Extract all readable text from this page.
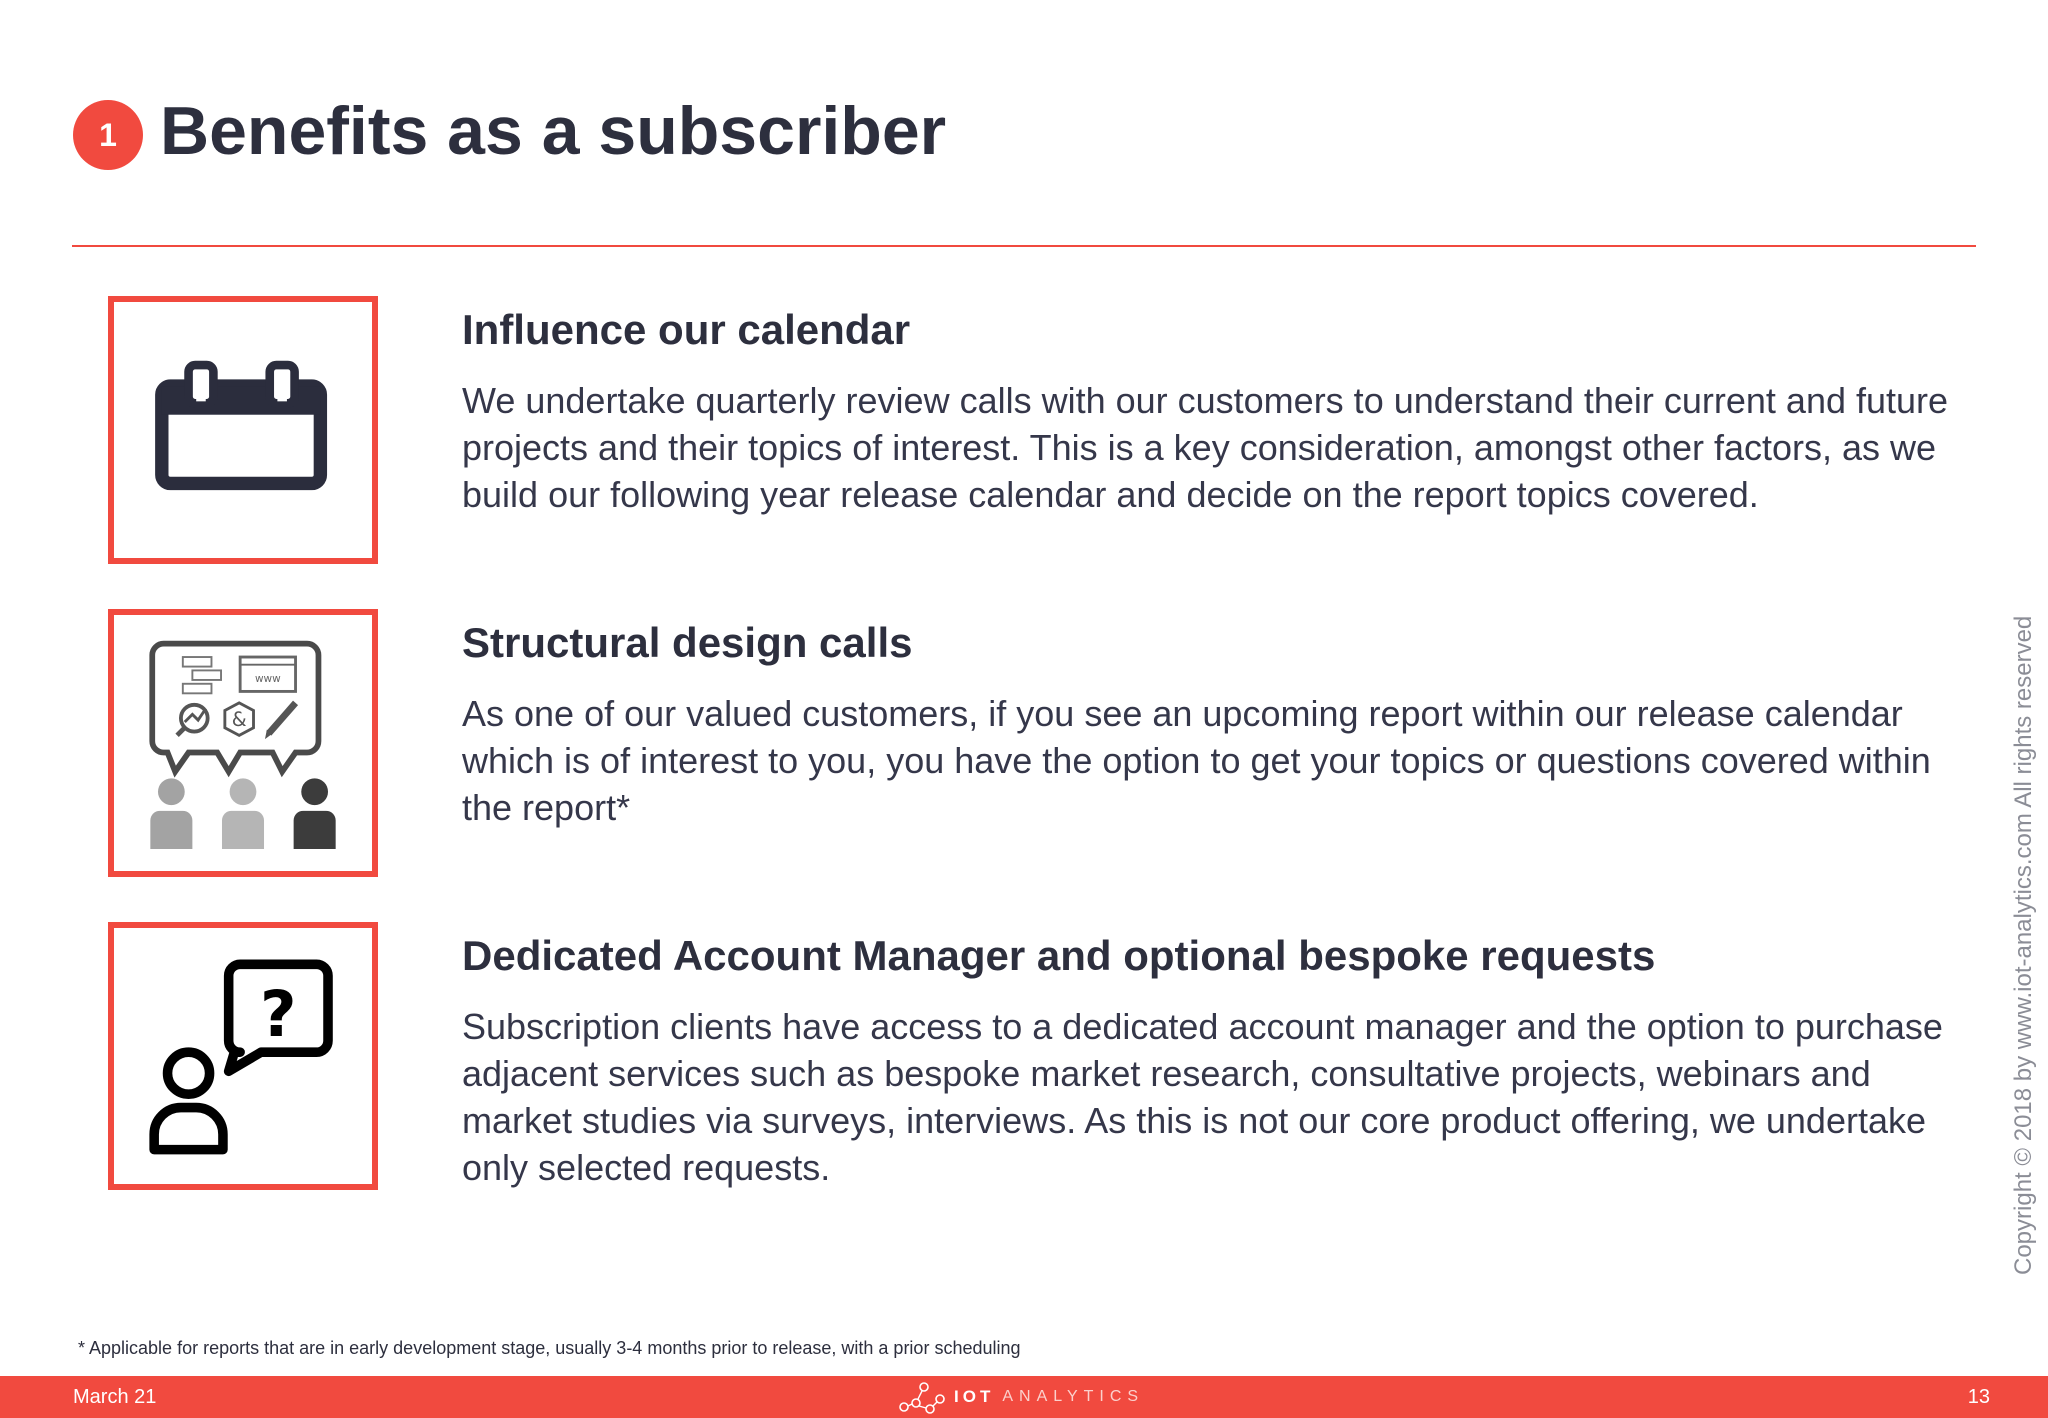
1 Benefits as a subscriber
Influence our calendar

We undertake quarterly review calls with our customers to understand their current and future projects and their topics of interest. This is a key consideration, amongst other factors, as we build our following year release calendar and decide on the report topics covered.

www
&
Structural design calls

As one of our valued customers, if you see an upcoming report within our release calendar which is of interest to you, you have the option to get your topics or questions covered within the report*

?
Dedicated Account Manager and optional bespoke requests

Subscription clients have access to a dedicated account manager and the option to purchase adjacent services such as bespoke market research, consultative projects, webinars and market studies via surveys, interviews. As this is not our core product offering, we undertake only selected requests.	Copyright © 2018 by www.iot-analytics.com All rights reserved
* Applicable for reports that are in early development stage, usually 3-4 months prior to release, with a prior scheduling
March 21	IOT ANALYTICS	13
